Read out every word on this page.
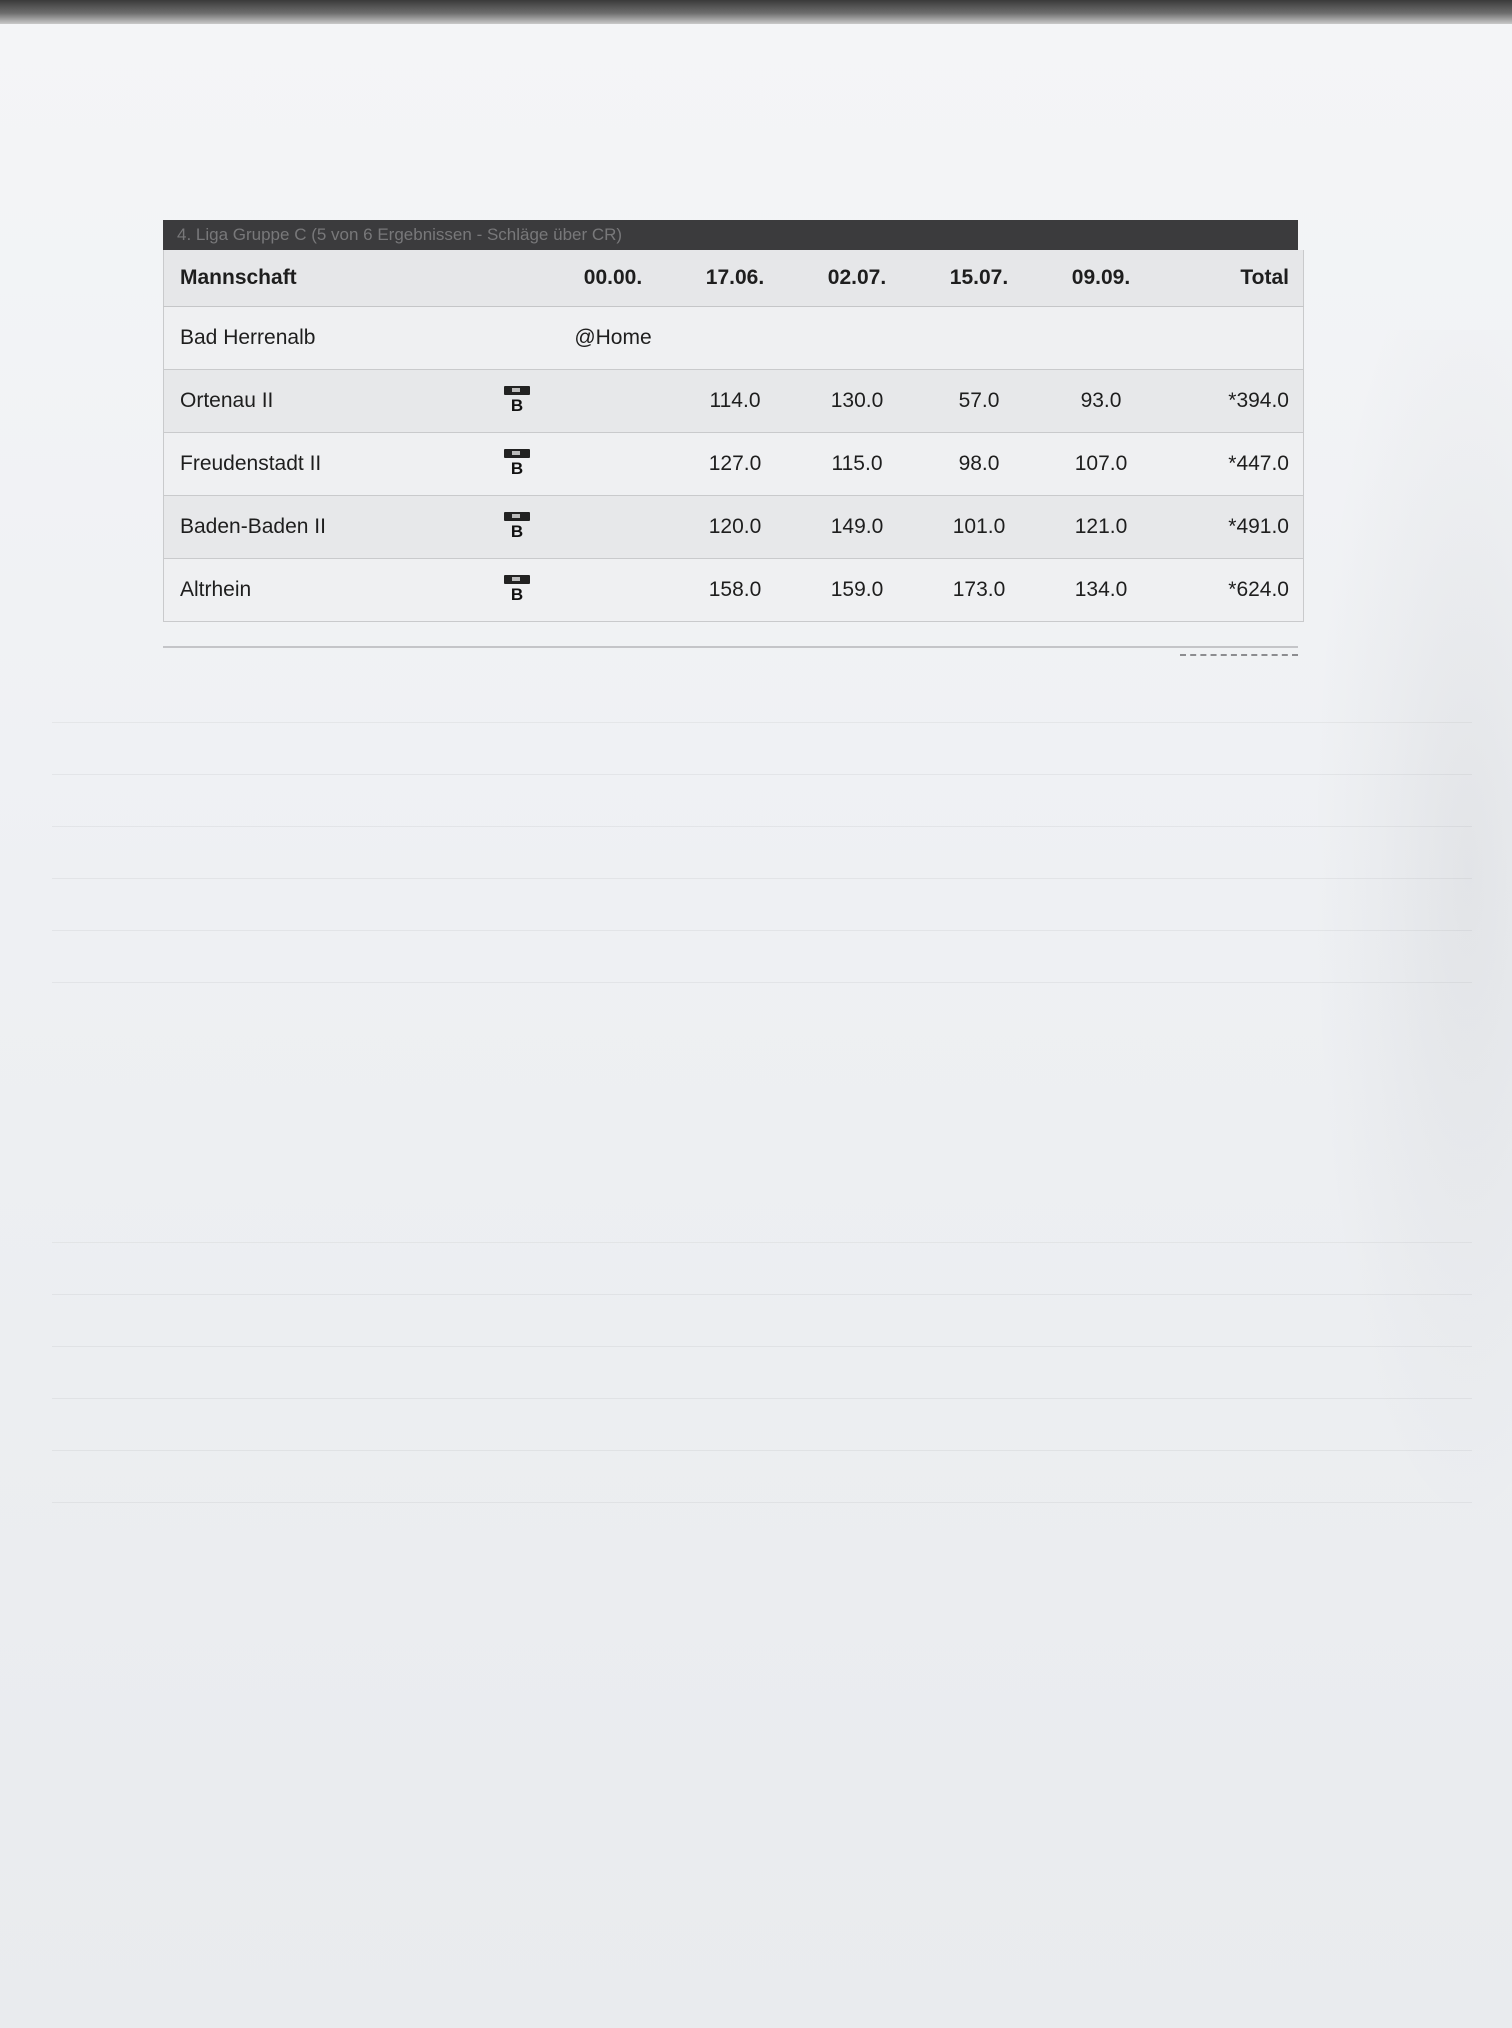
4. Liga Gruppe C (5 von 6 Ergebnissen - Schläge über CR)
Mannschaft		00.00.	17.06.	02.07.	15.07.	09.09.	Total
Bad Herrenalb		@Home					
Ortenau II	B		114.0	130.0	57.0	93.0	*394.0
Freudenstadt II	B		127.0	115.0	98.0	107.0	*447.0
Baden-Baden II	B		120.0	149.0	101.0	121.0	*491.0
Altrhein	B		158.0	159.0	173.0	134.0	*624.0
